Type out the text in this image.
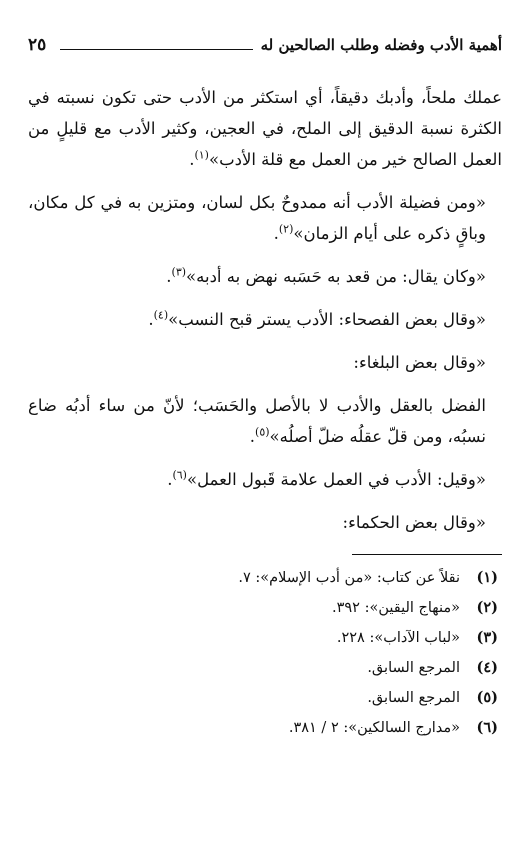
أهمية الأدب وفضله وطلب الصالحين له
٢٥

عملك ملحاً، وأدبك دقيقاً، أي استكثر من الأدب حتى تكون نسبته في الكثرة نسبة الدقيق إلى الملح، في العجين، وكثير الأدب مع قليلٍ من العمل الصالح خير من العمل مع قلة الأدب»$^{(١)}$.

«ومن فضيلة الأدب أنه ممدوحٌ بكل لسان، ومتزين به في كل مكان، وباقٍ ذكره على أيام الزمان»$^{(٢)}$.

«وكان يقال: من قعد به حَسَبه نهض به أدبه»$^{(٣)}$.

«وقال بعض الفصحاء: الأدب يستر قبح النسب»$^{(٤)}$.

«وقال بعض البلغاء:

الفضل بالعقل والأدب لا بالأصل والحَسَب؛ لأنّ من ساء أدبُه ضاع نسبُه، ومن قلّ عقلُه ضلّ أصلُه»$^{(٥)}$.

«وقيل: الأدب في العمل علامة قَبول العمل»$^{(٦)}$.

«وقال بعض الحكماء:

(١)
نقلاً عن كتاب: «من أدب الإسلام»: ٧.
(٢)
«منهاج اليقين»: ٣٩٢.
(٣)
«لباب الآداب»: ٢٢٨.
(٤)
المرجع السابق.
(٥)
المرجع السابق.
(٦)
«مدارج السالكين»: ٢ / ٣٨١.
